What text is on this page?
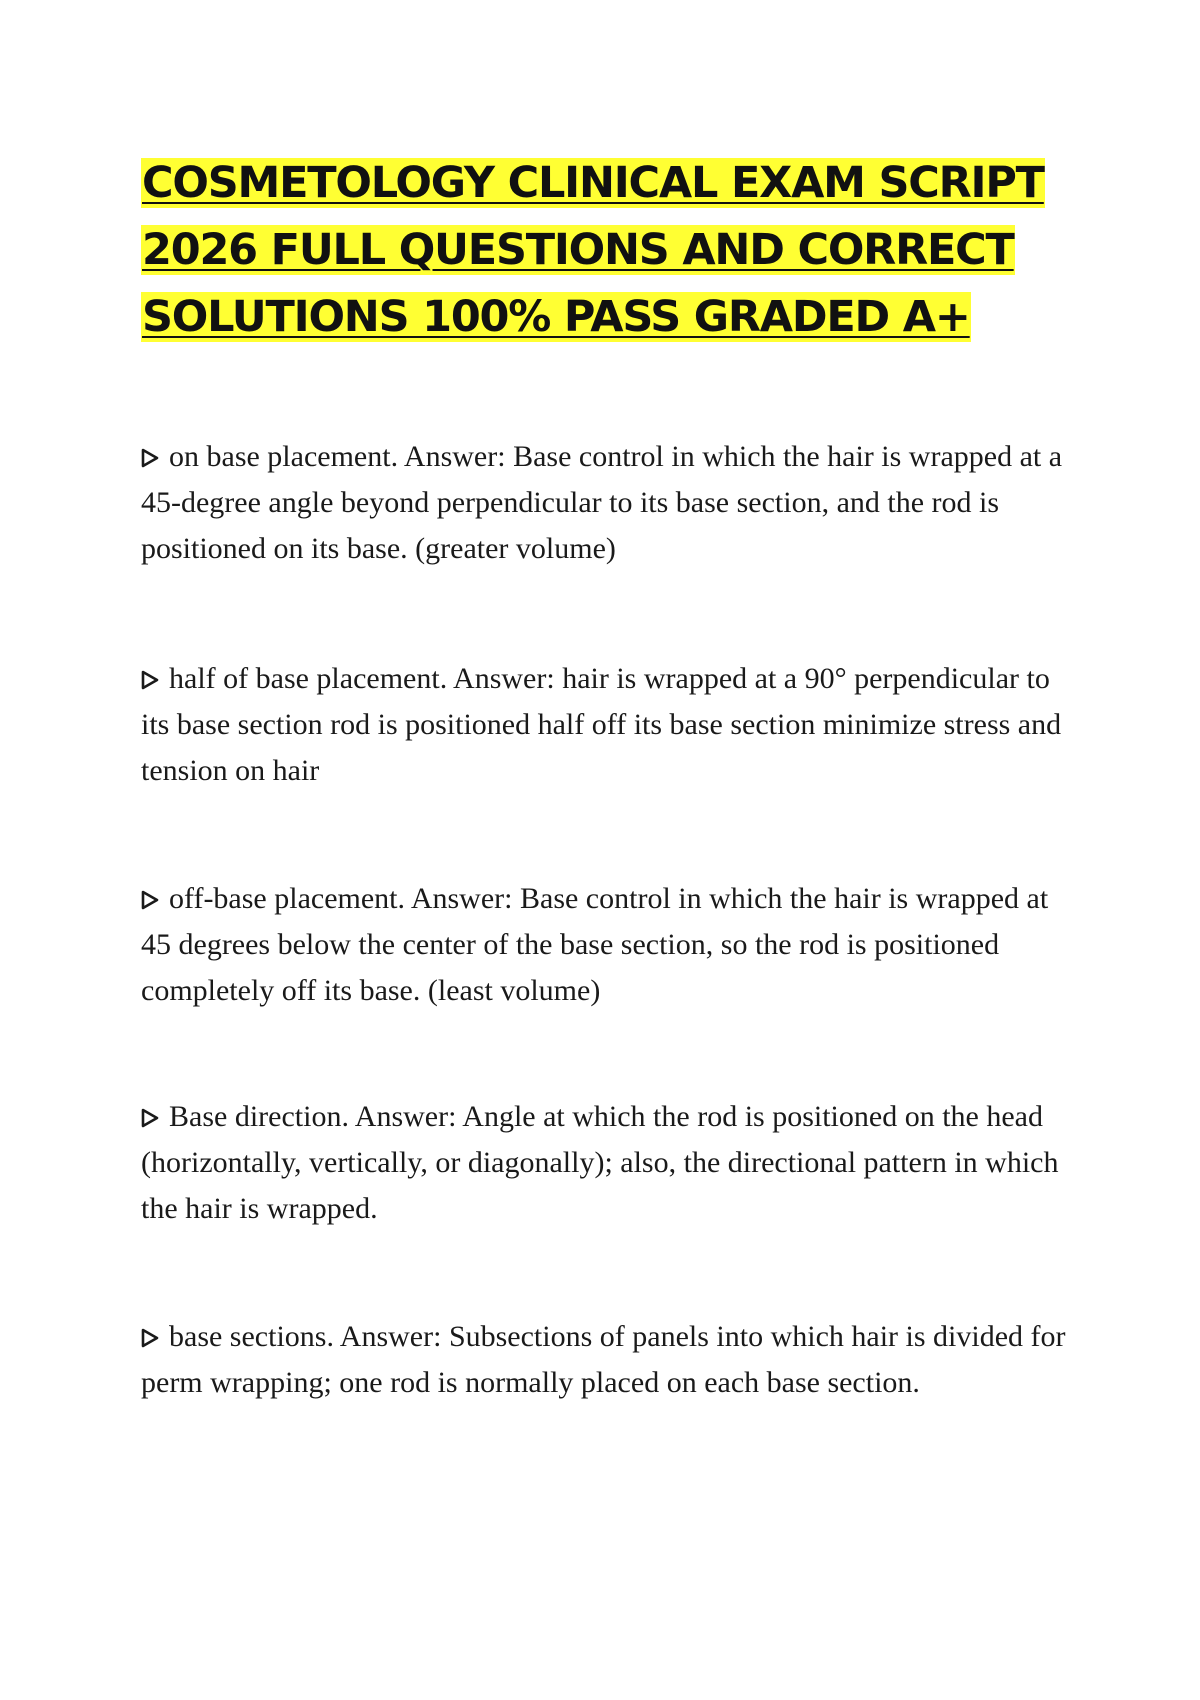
COSMETOLOGY CLINICAL EXAM SCRIPT 2026 FULL QUESTIONS AND CORRECT SOLUTIONS 100% PASS GRADED A+

on base placement. Answer: Base control in which the hair is wrapped at a 45-degree angle beyond perpendicular to its base section, and the rod is positioned on its base. (greater volume)

half of base placement. Answer: hair is wrapped at a 90° perpendicular to its base section rod is positioned half off its base section minimize stress and tension on hair

off-base placement. Answer: Base control in which the hair is wrapped at 45 degrees below the center of the base section, so the rod is positioned completely off its base. (least volume)

Base direction. Answer: Angle at which the rod is positioned on the head (horizontally, vertically, or diagonally); also, the directional pattern in which the hair is wrapped.

base sections. Answer: Subsections of panels into which hair is divided for perm wrapping; one rod is normally placed on each base section.
